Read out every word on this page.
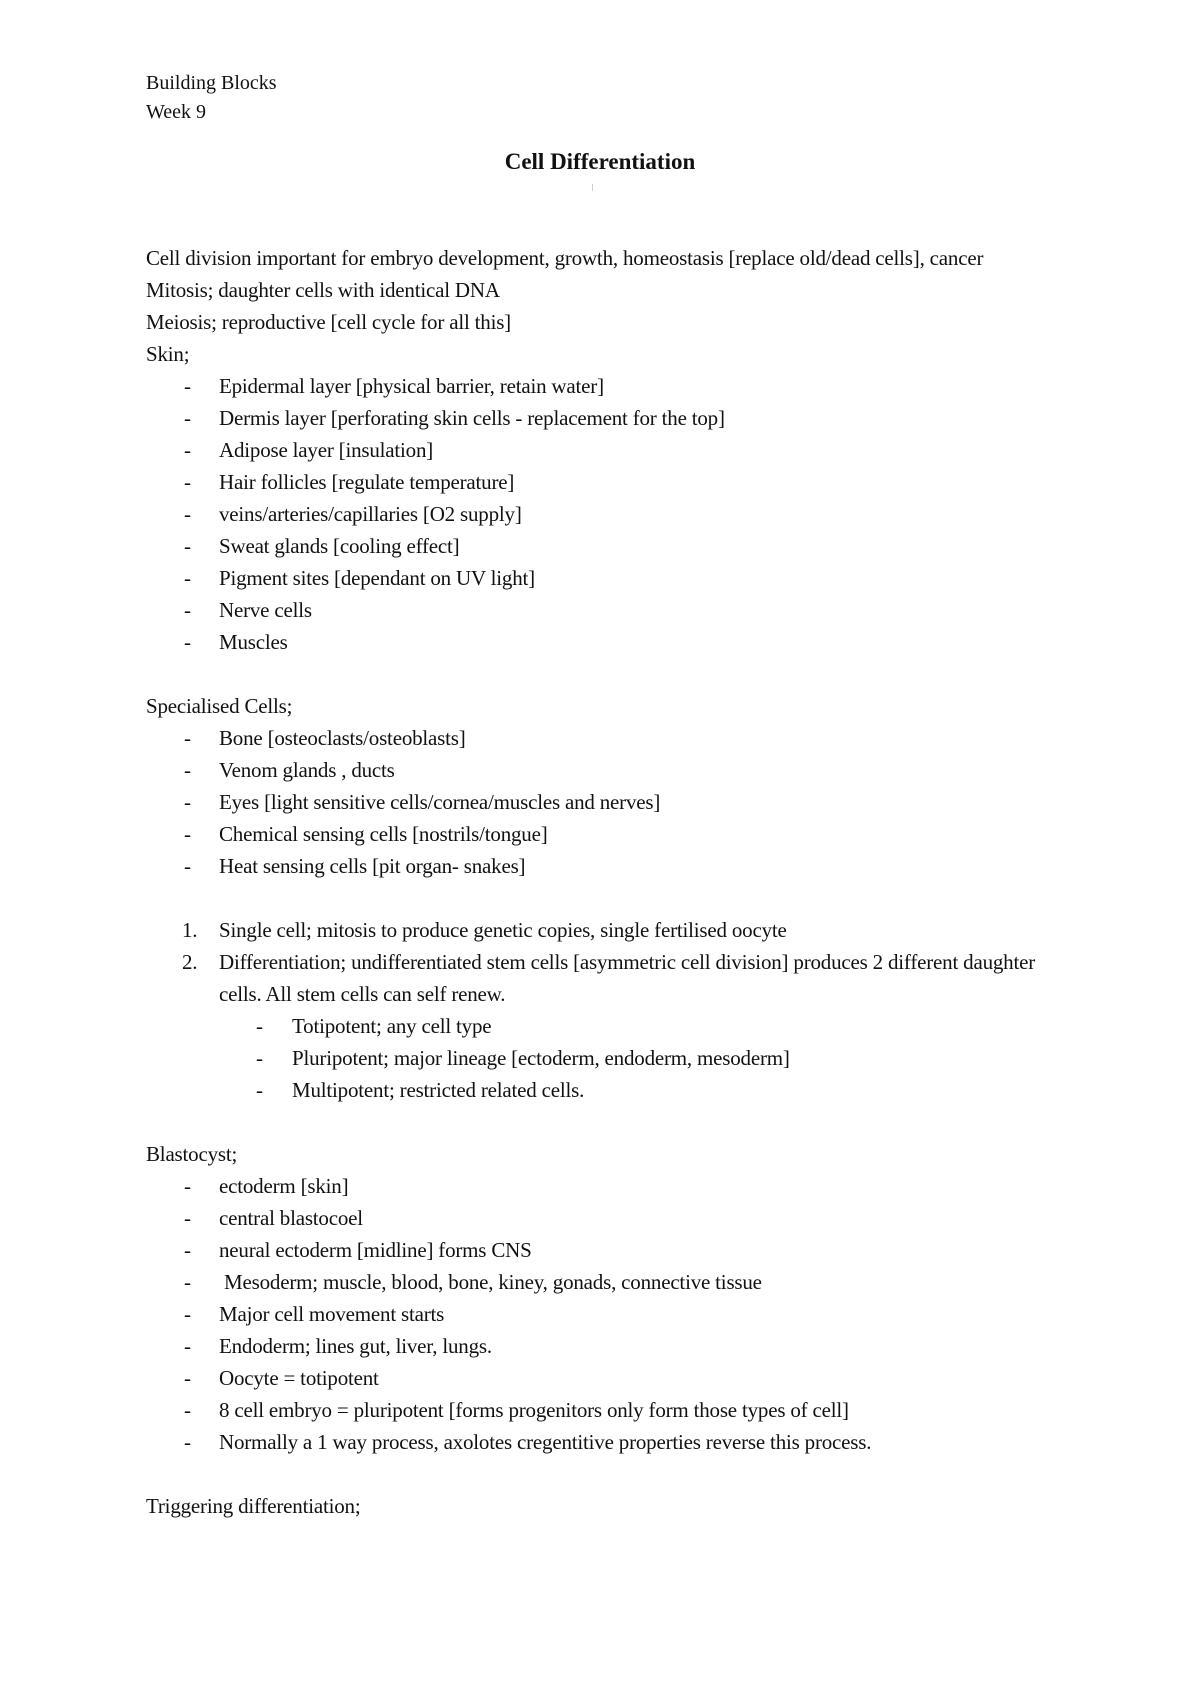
Building Blocks
Week 9
Cell Differentiation

Cell division important for embryo development, growth, homeostasis [replace old/dead cells], cancer

Mitosis; daughter cells with identical DNA

Meiosis; reproductive [cell cycle for all this]

Skin;

- Epidermal layer [physical barrier, retain water]
- Dermis layer [perforating skin cells - replacement for the top]
- Adipose layer [insulation]
- Hair follicles [regulate temperature]
- veins/arteries/capillaries [O2 supply]
- Sweat glands [cooling effect]
- Pigment sites [dependant on UV light]
- Nerve cells
- Muscles

Specialised Cells;

- Bone [osteoclasts/osteoblasts]
- Venom glands , ducts
- Eyes [light sensitive cells/cornea/muscles and nerves]
- Chemical sensing cells [nostrils/tongue]
- Heat sensing cells [pit organ- snakes]
1. Single cell; mitosis to produce genetic copies, single fertilised oocyte
2. Differentiation; undifferentiated stem cells [asymmetric cell division] produces 2 different daughter cells. All stem cells can self renew.
- Totipotent; any cell type
- Pluripotent; major lineage [ectoderm, endoderm, mesoderm]
- Multipotent; restricted related cells.

Blastocyst;

- ectoderm [skin]
- central blastocoel
- neural ectoderm [midline] forms CNS
- Mesoderm; muscle, blood, bone, kiney, gonads, connective tissue
- Major cell movement starts
- Endoderm; lines gut, liver, lungs.
- Oocyte = totipotent
- 8 cell embryo = pluripotent [forms progenitors only form those types of cell]
- Normally a 1 way process, axolotes cregentitive properties reverse this process.

Triggering differentiation;
